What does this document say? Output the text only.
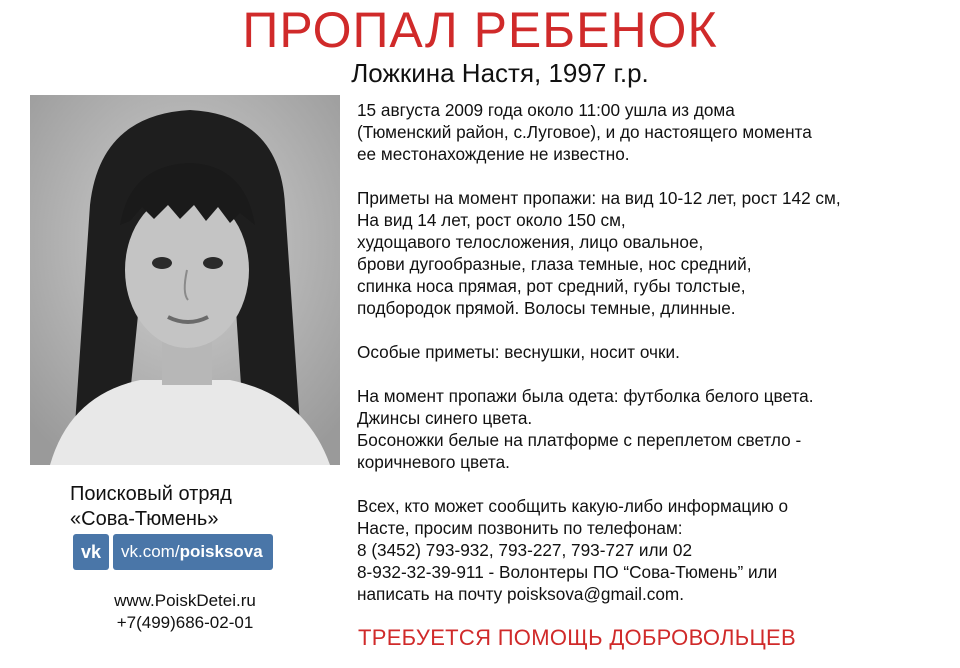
ПРОПАЛ РЕБЕНОК
Ложкина Настя, 1997 г.р.

15 августа 2009 года около 11:00 ушла из дома
(Тюменский район, с.Луговое), и до настоящего момента
ее местонахождение не известно.

Приметы на момент пропажи: на вид 10-12 лет, рост 142 см,
На вид 14 лет, рост около 150 см,
худощавого телосложения, лицо овальное,
брови дугообразные, глаза темные, нос средний,
спинка носа прямая, рот средний, губы толстые,
подбородок прямой. Волосы темные, длинные.

Особые приметы: веснушки, носит очки.

На момент пропажи была одета: футболка белого цвета.
Джинсы синего цвета.
Босоножки белые на платформе с переплетом светло -
коричневого цвета.

Всех, кто может сообщить какую-либо информацию о
Насте, просим позвонить по телефонам:
8 (3452) 793-932, 793-227, 793-727 или 02
8-932-32-39-911 - Волонтеры ПО “Сова-Тюмень” или
написать на почту poisksova@gmail.com.

Поисковый отряд
«Сова-Тюмень»
vk	vk.com/poisksova
www.PoiskDetei.ru
+7(499)686-02-01
ТРЕБУЕТСЯ ПОМОЩЬ ДОБРОВОЛЬЦЕВ
